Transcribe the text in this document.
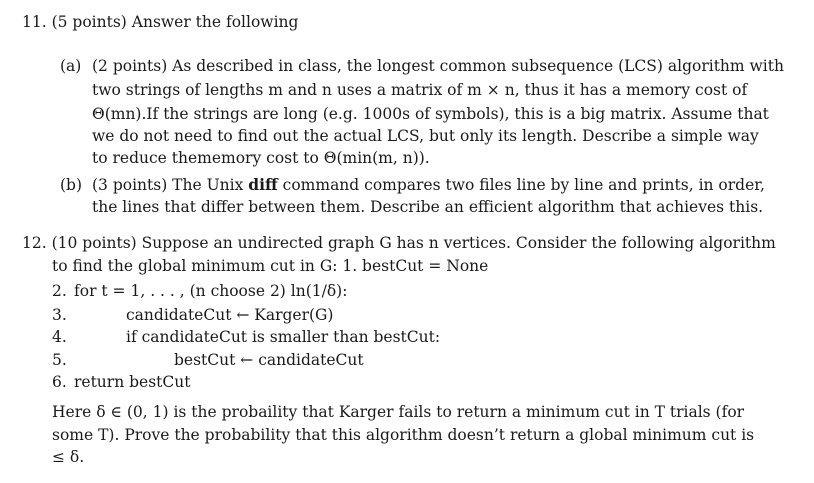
11. (5 points) Answer the following
(a) (2 points) As described in class, the longest common subsequence (LCS) algorithm with
two strings of lengths m and n uses a matrix of m × n, thus it has a memory cost of
Θ(mn).If the strings are long (e.g. 1000s of symbols), this is a big matrix. Assume that
we do not need to find out the actual LCS, but only its length. Describe a simple way
to reduce thememory cost to Θ(min(m, n)).
(b) (3 points) The Unix diff command compares two files line by line and prints, in order,
the lines that differ between them. Describe an efficient algorithm that achieves this.
12. (10 points) Suppose an undirected graph G has n vertices. Consider the following algorithm
to find the global minimum cut in G: 1. bestCut = None
2. for t = 1, . . . , (n choose 2) ln(1/δ):
3.	candidateCut ← Karger(G)
4.	if candidateCut is smaller than bestCut:
5.	bestCut ← candidateCut
6. return bestCut
Here δ ∈ (0, 1) is the probaility that Karger fails to return a minimum cut in T trials (for
some T). Prove the probability that this algorithm doesn’t return a global minimum cut is
≤ δ.
